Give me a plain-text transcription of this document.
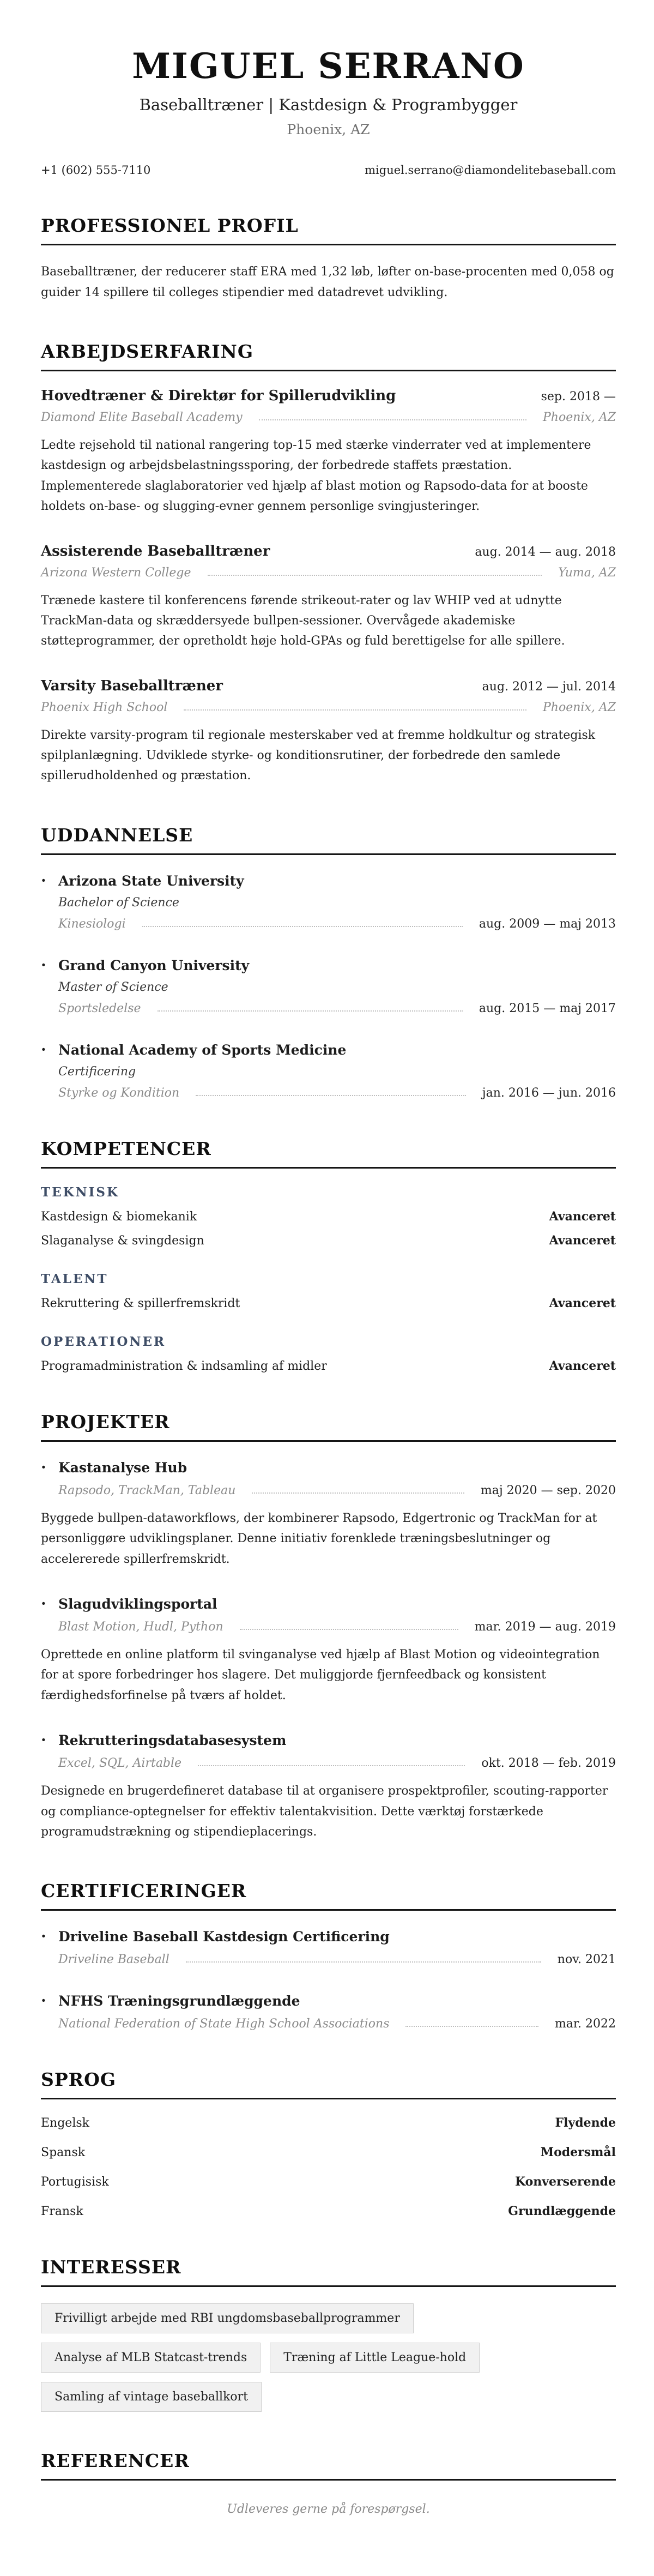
MIGUEL SERRANO
Baseballtræner | Kastdesign & Programbygger
Phoenix, AZ
+1 (602) 555-7110	miguel.serrano@diamondelitebaseball.com
PROFESSIONEL PROFIL

Baseballtræner, der reducerer staff ERA med 1,32 løb, løfter on-base-procenten med 0,058 og guider 14 spillere til colleges stipendier med datadrevet udvikling.

ARBEJDSERFARING
Hovedtræner & Direktør for Spillerudvikling	sep. 2018 —
Diamond Elite Baseball Academy	Phoenix, AZ

Ledte rejsehold til national rangering top-15 med stærke vinderrater ved at implementere kastdesign og arbejdsbelastningssporing, der forbedrede staffets præstation. Implementerede slaglaboratorier ved hjælp af blast motion og Rapsodo-data for at booste holdets on-base- og slugging-evner gennem personlige svingjusteringer.

Assisterende Baseballtræner	aug. 2014 — aug. 2018
Arizona Western College	Yuma, AZ

Trænede kastere til konferencens førende strikeout-rater og lav WHIP ved at udnytte TrackMan-data og skræddersyede bullpen-sessioner. Overvågede akademiske støtteprogrammer, der opretholdt høje hold-GPAs og fuld berettigelse for alle spillere.

Varsity Baseballtræner	aug. 2012 — jul. 2014
Phoenix High School	Phoenix, AZ

Direkte varsity-program til regionale mesterskaber ved at fremme holdkultur og strategisk spilplanlægning. Udviklede styrke- og konditionsrutiner, der forbedrede den samlede spillerudholdenhed og præstation.

UDDANNELSE
·
Arizona State University
Bachelor of Science
Kinesiologi	aug. 2009 — maj 2013
·
Grand Canyon University
Master of Science
Sportsledelse	aug. 2015 — maj 2017
·
National Academy of Sports Medicine
Certificering
Styrke og Kondition	jan. 2016 — jun. 2016
KOMPETENCER
TEKNISK
Kastdesign & biomekanik	Avanceret
Slaganalyse & svingdesign	Avanceret
TALENT
Rekruttering & spillerfremskridt	Avanceret
OPERATIONER
Programadministration & indsamling af midler	Avanceret
PROJEKTER
·
Kastanalyse Hub
Rapsodo, TrackMan, Tableau	maj 2020 — sep. 2020

Byggede bullpen-dataworkflows, der kombinerer Rapsodo, Edgertronic og TrackMan for at personliggøre udviklingsplaner. Denne initiativ forenklede træningsbeslutninger og accelererede spillerfremskridt.

·
Slagudviklingsportal
Blast Motion, Hudl, Python	mar. 2019 — aug. 2019

Oprettede en online platform til svinganalyse ved hjælp af Blast Motion og videointegration for at spore forbedringer hos slagere. Det muliggjorde fjernfeedback og konsistent færdighedsforfinelse på tværs af holdet.

·
Rekrutteringsdatabasesystem
Excel, SQL, Airtable	okt. 2018 — feb. 2019

Designede en brugerdefineret database til at organisere prospektprofiler, scouting-rapporter og compliance-optegnelser for effektiv talentakvisition. Dette værktøj forstærkede programudstrækning og stipendieplacerings.

CERTIFICERINGER
·
Driveline Baseball Kastdesign Certificering
Driveline Baseball	nov. 2021
·
NFHS Træningsgrundlæggende
National Federation of State High School Associations	mar. 2022
SPROG
Engelsk	Flydende
Spansk	Modersmål
Portugisisk	Konverserende
Fransk	Grundlæggende
INTERESSER
Frivilligt arbejde med RBI ungdomsbaseballprogrammer
Analyse af MLB Statcast-trends	Træning af Little League-hold
Samling af vintage baseballkort
REFERENCER
Udleveres gerne på forespørgsel.
